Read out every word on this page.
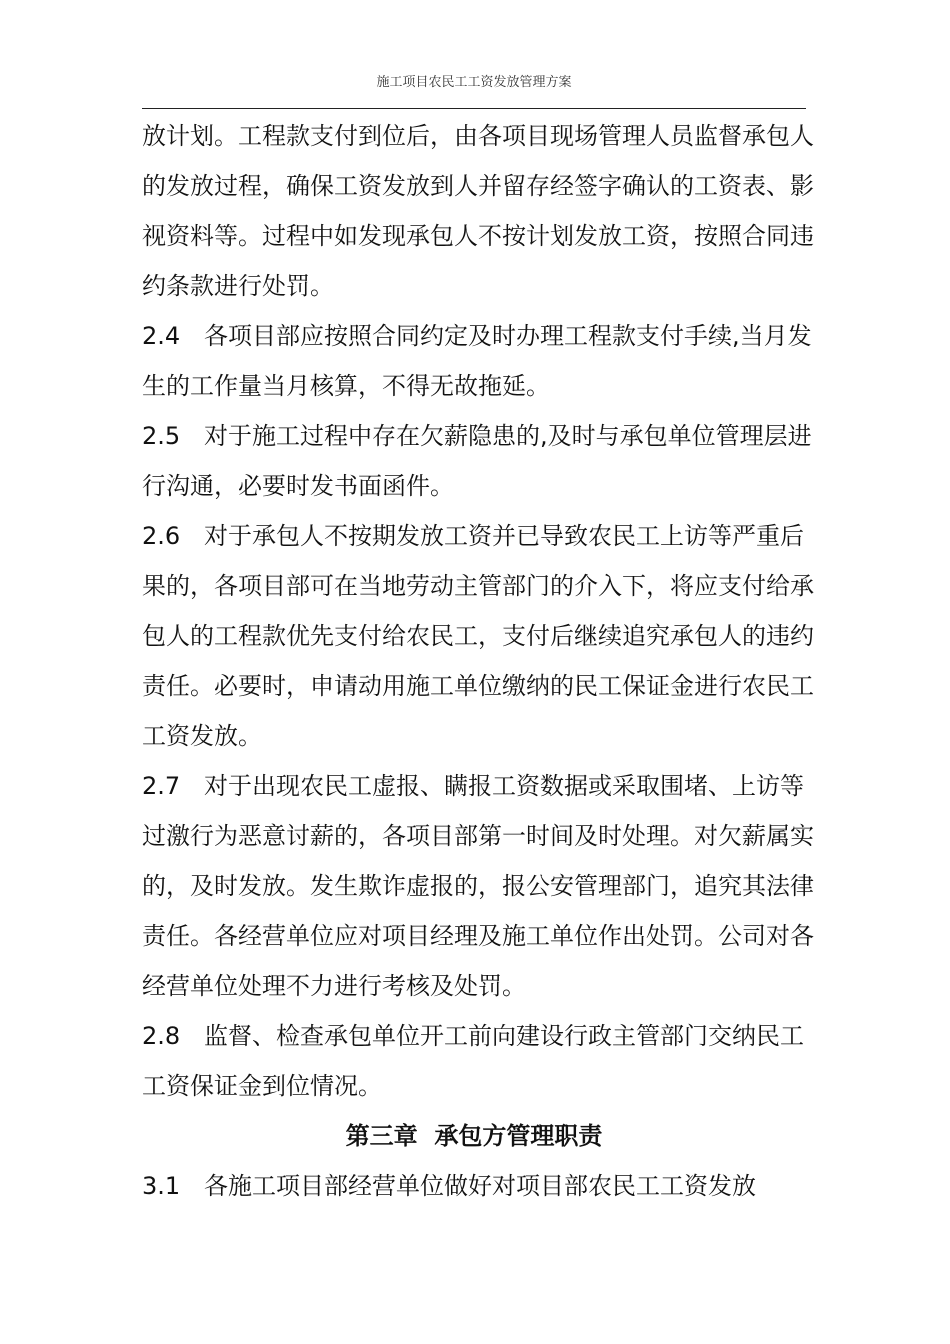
施工项目农民工工资发放管理方案

放计划。工程款支付到位后，由各项目现场管理人员监督承包人的发放过程，确保工资发放到人并留存经签字确认的工资表、影视资料等。过程中如发现承包人不按计划发放工资，按照合同违约条款进行处罚。

2.4 各项目部应按照合同约定及时办理工程款支付手续,当月发生的工作量当月核算，不得无故拖延。

2.5 对于施工过程中存在欠薪隐患的,及时与承包单位管理层进行沟通，必要时发书面函件。

2.6 对于承包人不按期发放工资并已导致农民工上访等严重后果的，各项目部可在当地劳动主管部门的介入下，将应支付给承包人的工程款优先支付给农民工，支付后继续追究承包人的违约责任。必要时，申请动用施工单位缴纳的民工保证金进行农民工工资发放。

2.7 对于出现农民工虚报、瞒报工资数据或采取围堵、上访等过激行为恶意讨薪的，各项目部第一时间及时处理。对欠薪属实的，及时发放。发生欺诈虚报的，报公安管理部门，追究其法律责任。各经营单位应对项目经理及施工单位作出处罚。公司对各经营单位处理不力进行考核及处罚。

2.8 监督、检查承包单位开工前向建设行政主管部门交纳民工工资保证金到位情况。

第三章  承包方管理职责

3.1 各施工项目部经营单位做好对项目部农民工工资发放
